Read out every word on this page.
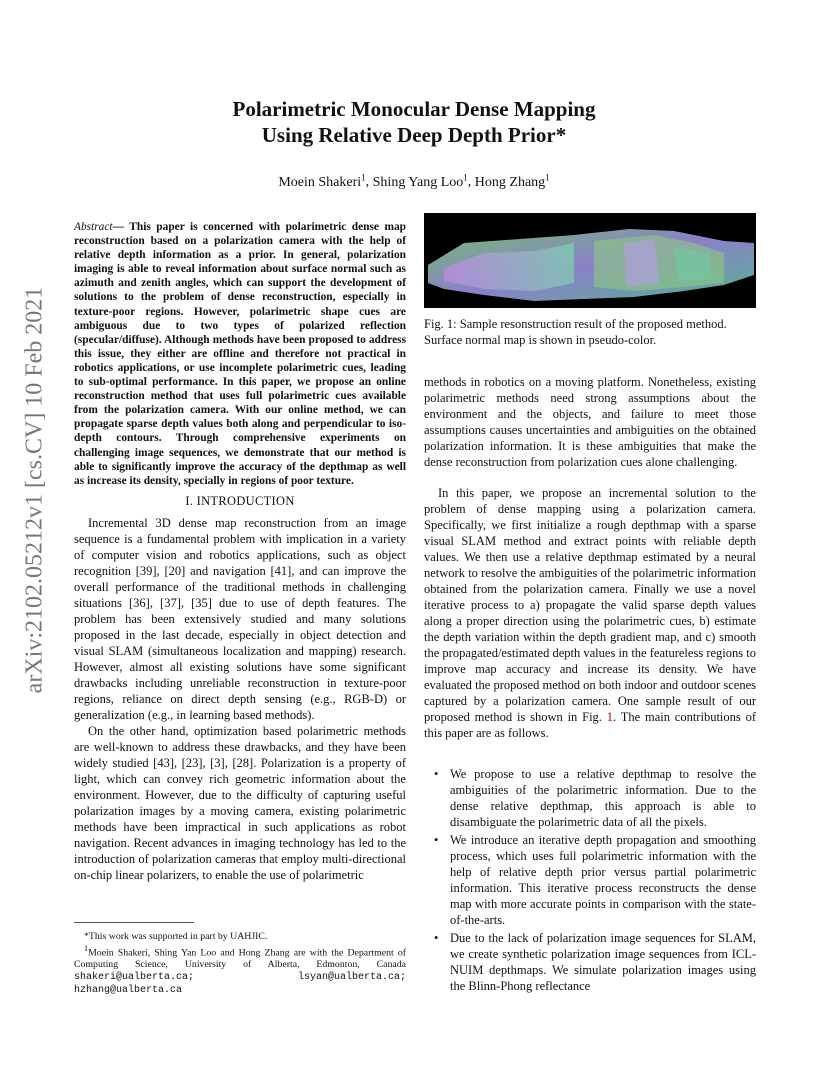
Polarimetric Monocular Dense Mapping
Using Relative Deep Depth Prior*
Moein Shakeri$^1$, Shing Yang Loo$^1$, Hong Zhang$^1$
arXiv:2102.05212v1 [cs.CV] 10 Feb 2021
Abstract— This paper is concerned with polarimetric dense map reconstruction based on a polarization camera with the help of relative depth information as a prior. In general, polarization imaging is able to reveal information about surface normal such as azimuth and zenith angles, which can support the development of solutions to the problem of dense reconstruction, especially in texture-poor regions. However, polarimetric shape cues are ambiguous due to two types of polarized reflection (specular/diffuse). Although methods have been proposed to address this issue, they either are offline and therefore not practical in robotics applications, or use incomplete polarimetric cues, leading to sub-optimal performance. In this paper, we propose an online reconstruction method that uses full polarimetric cues available from the polarization camera. With our online method, we can propagate sparse depth values both along and perpendicular to iso-depth contours. Through comprehensive experiments on challenging image sequences, we demonstrate that our method is able to significantly improve the accuracy of the depthmap as well as increase its density, specially in regions of poor texture.
I. INTRODUCTION

Incremental 3D dense map reconstruction from an image sequence is a fundamental problem with implication in a variety of computer vision and robotics applications, such as object recognition [39], [20] and navigation [41], and can improve the overall performance of the traditional methods in challenging situations [36], [37], [35] due to use of depth features. The problem has been extensively studied and many solutions proposed in the last decade, especially in object detection and visual SLAM (simultaneous localization and mapping) research. However, almost all existing solutions have some significant drawbacks including unreliable reconstruction in texture-poor regions, reliance on direct depth sensing (e.g., RGB-D) or generalization (e.g., in learning based methods).

On the other hand, optimization based polarimetric methods are well-known to address these drawbacks, and they have been widely studied [43], [23], [3], [28]. Polarization is a property of light, which can convey rich geometric information about the environment. However, due to the difficulty of capturing useful polarization images by a moving camera, existing polarimetric methods have been impractical in such applications as robot navigation. Recent advances in imaging technology has led to the introduction of polarization cameras that employ multi-directional on-chip linear polarizers, to enable the use of polarimetric

*This work was supported in part by UAHJIC.

$^1$Moein Shakeri, Shing Yan Loo and Hong Zhang are with the Department of Computing Science, University of Alberta, Edmonton, Canada shakeri@ualberta.ca; lsyan@ualberta.ca; hzhang@ualberta.ca

Fig. 1: Sample resonstruction result of the proposed method. Surface normal map is shown in pseudo-color.

methods in robotics on a moving platform. Nonetheless, existing polarimetric methods need strong assumptions about the environment and the objects, and failure to meet those assumptions causes uncertainties and ambiguities on the obtained polarization information. It is these ambiguities that make the dense reconstruction from polarization cues alone challenging.

In this paper, we propose an incremental solution to the problem of dense mapping using a polarization camera. Specifically, we first initialize a rough depthmap with a sparse visual SLAM method and extract points with reliable depth values. We then use a relative depthmap estimated by a neural network to resolve the ambiguities of the polarimetric information obtained from the polarization camera. Finally we use a novel iterative process to a) propagate the valid sparse depth values along a proper direction using the polarimetric cues, b) estimate the depth variation within the depth gradient map, and c) smooth the propagated/estimated depth values in the featureless regions to improve map accuracy and increase its density. We have evaluated the proposed method on both indoor and outdoor scenes captured by a polarization camera. One sample result of our proposed method is shown in Fig. 1. The main contributions of this paper are as follows.

• We propose to use a relative depthmap to resolve the ambiguities of the polarimetric information. Due to the dense relative depthmap, this approach is able to disambiguate the polarimetric data of all the pixels.
• We introduce an iterative depth propagation and smoothing process, which uses full polarimetric information with the help of relative depth prior versus partial polarimetric information. This iterative process reconstructs the dense map with more accurate points in comparison with the state-of-the-arts.
• Due to the lack of polarization image sequences for SLAM, we create synthetic polarization image sequences from ICL-NUIM depthmaps. We simulate polarization images using the Blinn-Phong reflectance
